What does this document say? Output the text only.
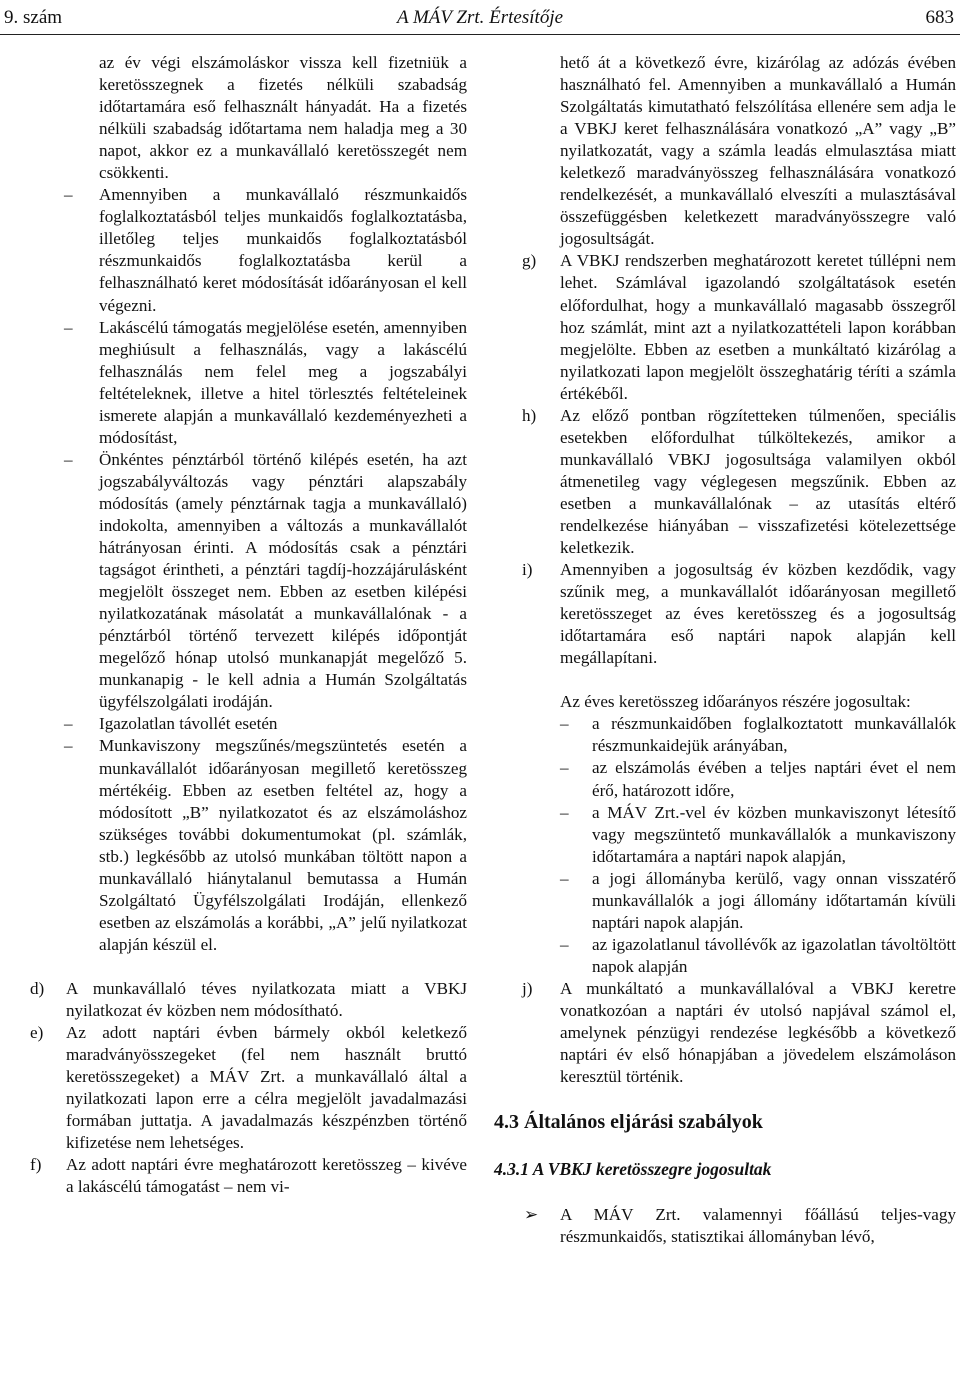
9. szám	A MÁV Zrt. Értesítője	683

az év végi elszámoláskor vissza kell fizetniük a keretösszegnek a fizetés nélküli szabadság időtartamára eső felhasznált hányadát. Ha a fizetés nélküli szabadság időtartama nem haladja meg a 30 napot, akkor ez a munkavállaló keretösszegét nem csökkenti.

– Amennyiben a munkavállaló részmunkaidős foglalkoztatásból teljes munkaidős foglalkoztatásba, illetőleg teljes munkaidős foglalkoztatásból részmunkaidős foglalkoztatásba kerül a felhasználható keret módosítását időarányosan el kell végezni.
– Lakáscélú támogatás megjelölése esetén, amennyiben meghiúsult a felhasználás, vagy a lakáscélú felhasználás nem felel meg a jogszabályi feltételeknek, illetve a hitel törlesztés feltételeinek ismerete alapján a munkavállaló kezdeményezheti a módosítást,
– Önkéntes pénztárból történő kilépés esetén, ha azt jogszabályváltozás vagy pénztári alapszabály módosítás (amely pénztárnak tagja a munkavállaló) indokolta, amennyiben a változás a munkavállalót hátrányosan érinti. A módosítás csak a pénztári tagságot érintheti, a pénztári tagdíj-hozzájárulásként megjelölt összeget nem. Ebben az esetben kilépési nyilatkozatának másolatát a munkavállalónak - a pénztárból történő tervezett kilépés időpontját megelőző hónap utolsó munkanapját megelőző 5. munkanapig - le kell adnia a Humán Szolgáltatás ügyfélszolgálati irodáján.
– Igazolatlan távollét esetén
– Munkaviszony megszűnés/megszüntetés esetén a munkavállalót időarányosan megillető keretösszeg mértékéig. Ebben az esetben feltétel az, hogy a módosított „B” nyilatkozatot és az elszámoláshoz szükséges további dokumentumokat (pl. számlák, stb.) legkésőbb az utolsó munkában töltött napon a munkavállaló hiánytalanul bemutassa a Humán Szolgáltató Ügyfélszolgálati Irodáján, ellenkező esetben az elszámolás a korábbi, „A” jelű nyilatkozat alapján készül el.
d) A munkavállaló téves nyilatkozata miatt a VBKJ nyilatkozat év közben nem módosítható.
e) Az adott naptári évben bármely okból keletkező maradványösszegeket (fel nem használt bruttó keretösszegeket) a MÁV Zrt. a munkavállaló által a nyilatkozati lapon erre a célra megjelölt javadalmazási formában juttatja. A javadalmazás készpénzben történő kifizetése nem lehetséges.
f) Az adott naptári évre meghatározott keretösszeg – kivéve a lakáscélú támogatást – nem vi-

hető át a következő évre, kizárólag az adózás évében használható fel. Amennyiben a munkavállaló a Humán Szolgáltatás kimutatható felszólítása ellenére sem adja le a VBKJ keret felhasználására vonatkozó „A” vagy „B” nyilatkozatát, vagy a számla leadás elmulasztása miatt keletkező maradványösszeg felhasználására vonatkozó rendelkezését, a munkavállaló elveszíti a mulasztásával összefüggésben keletkezett maradványösszegre való jogosultságát.

g) A VBKJ rendszerben meghatározott keretet túllépni nem lehet. Számlával igazolandó szolgáltatások esetén előfordulhat, hogy a munkavállaló magasabb összegről hoz számlát, mint azt a nyilatkozattételi lapon korábban megjelölte. Ebben az esetben a munkáltató kizárólag a nyilatkozati lapon megjelölt összeghatárig téríti a számla értékéből.
h) Az előző pontban rögzítetteken túlmenően, speciális esetekben előfordulhat túlköltekezés, amikor a munkavállaló VBKJ jogosultsága valamilyen okból átmenetileg vagy véglegesen megszűnik. Ebben az esetben a munkavállalónak – az utasítás eltérő rendelkezése hiányában – visszafizetési kötelezettsége keletkezik.
i) Amennyiben a jogosultság év közben kezdődik, vagy szűnik meg, a munkavállalót időarányosan megillető keretösszeget az éves keretösszeg és a jogosultság időtartamára eső naptári napok alapján kell megállapítani.

Az éves keretösszeg időarányos részére jogosultak:

– a részmunkaidőben foglalkoztatott munkavállalók részmunkaidejük arányában,
– az elszámolás évében a teljes naptári évet el nem érő, határozott időre,
– a MÁV Zrt.-vel év közben munkaviszonyt létesítő vagy megszüntető munkavállalók a munkaviszony időtartamára a naptári napok alapján,
– a jogi állományba kerülő, vagy onnan visszatérő munkavállalók a jogi állomány időtartamán kívüli naptári napok alapján.
– az igazolatlanul távollévők az igazolatlan távoltöltött napok alapján
j) A munkáltató a munkavállalóval a VBKJ keretre vonatkozóan a naptári év utolsó napjával számol el, amelynek pénzügyi rendezése legkésőbb a következő naptári év első hónapjában a jövedelem elszámoláson keresztül történik.
4.3 Általános eljárási szabályok
4.3.1 A VBKJ keretösszegre jogosultak
➢ A MÁV Zrt. valamennyi főállású teljes-vagy részmunkaidős, statisztikai állományban lévő,
